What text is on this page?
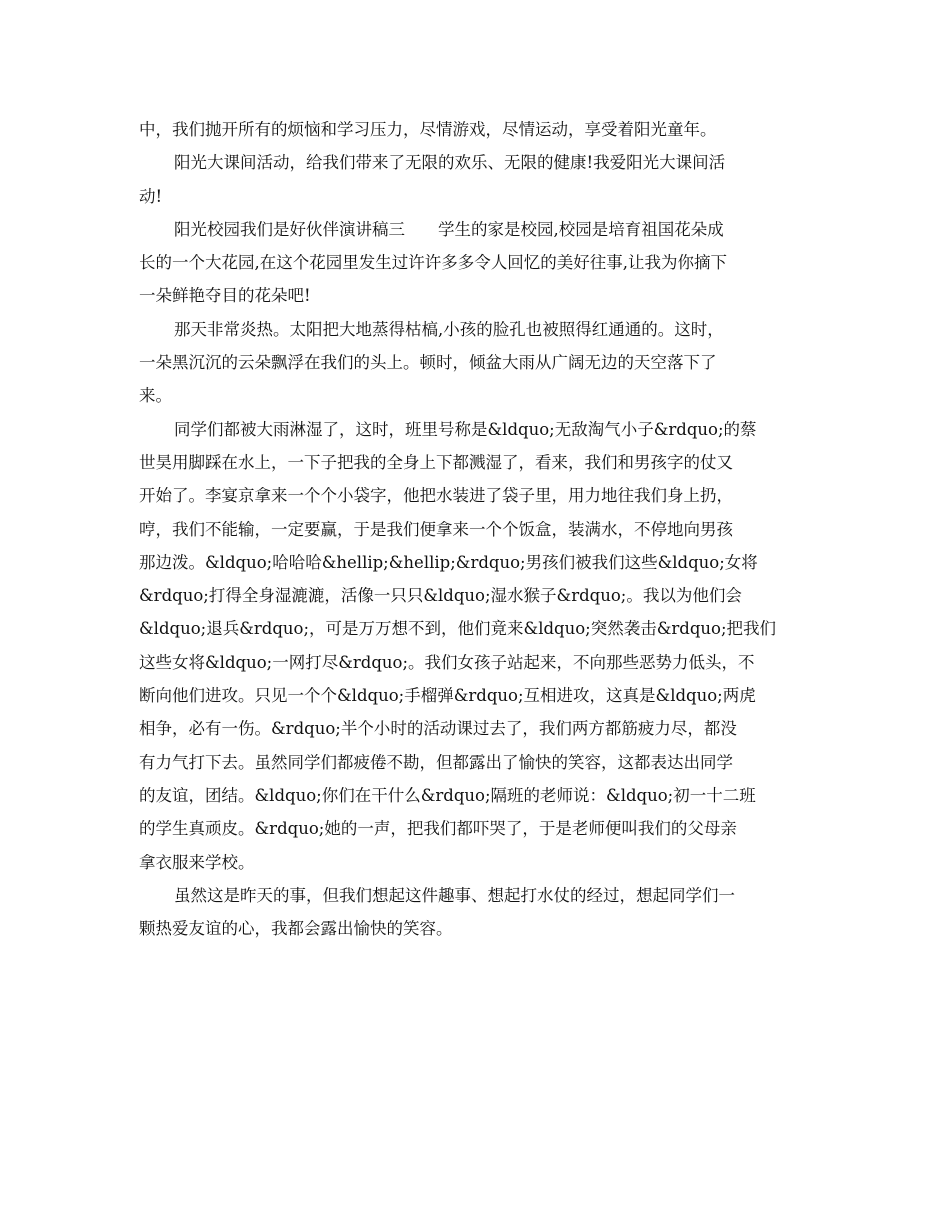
中，我们抛开所有的烦恼和学习压力，尽情游戏，尽情运动，享受着阳光童年。
阳光大课间活动，给我们带来了无限的欢乐、无限的健康!我爱阳光大课间活
动!
阳光校园我们是好伙伴演讲稿三　　学生的家是校园,校园是培育祖国花朵成
长的一个大花园,在这个花园里发生过许许多多令人回忆的美好往事,让我为你摘下
一朵鲜艳夺目的花朵吧!
那天非常炎热。太阳把大地蒸得枯槁,小孩的脸孔也被照得红通通的。这时，
一朵黑沉沉的云朵飘浮在我们的头上。顿时，倾盆大雨从广阔无边的天空落下了
来。
同学们都被大雨淋湿了，这时，班里号称是&ldquo;无敌淘气小子&rdquo;的蔡
世昊用脚踩在水上，一下子把我的全身上下都溅湿了，看来，我们和男孩字的仗又
开始了。李宴京拿来一个个小袋字，他把水装进了袋子里，用力地往我们身上扔，
哼，我们不能输，一定要赢，于是我们便拿来一个个饭盒，装满水，不停地向男孩
那边泼。&ldquo;哈哈哈&hellip;&hellip;&rdquo;男孩们被我们这些&ldquo;女将
&rdquo;打得全身湿漉漉，活像一只只&ldquo;湿水猴子&rdquo;。我以为他们会
&ldquo;退兵&rdquo;，可是万万想不到，他们竟来&ldquo;突然袭击&rdquo;把我们
这些女将&ldquo;一网打尽&rdquo;。我们女孩子站起来，不向那些恶势力低头，不
断向他们进攻。只见一个个&ldquo;手榴弹&rdquo;互相进攻，这真是&ldquo;两虎
相争，必有一伤。&rdquo;半个小时的活动课过去了，我们两方都筋疲力尽，都没
有力气打下去。虽然同学们都疲倦不勘，但都露出了愉快的笑容，这都表达出同学
的友谊，团结。&ldquo;你们在干什么&rdquo;隔班的老师说：&ldquo;初一十二班
的学生真顽皮。&rdquo;她的一声，把我们都吓哭了，于是老师便叫我们的父母亲
拿衣服来学校。
虽然这是昨天的事，但我们想起这件趣事、想起打水仗的经过，想起同学们一
颗热爱友谊的心，我都会露出愉快的笑容。
